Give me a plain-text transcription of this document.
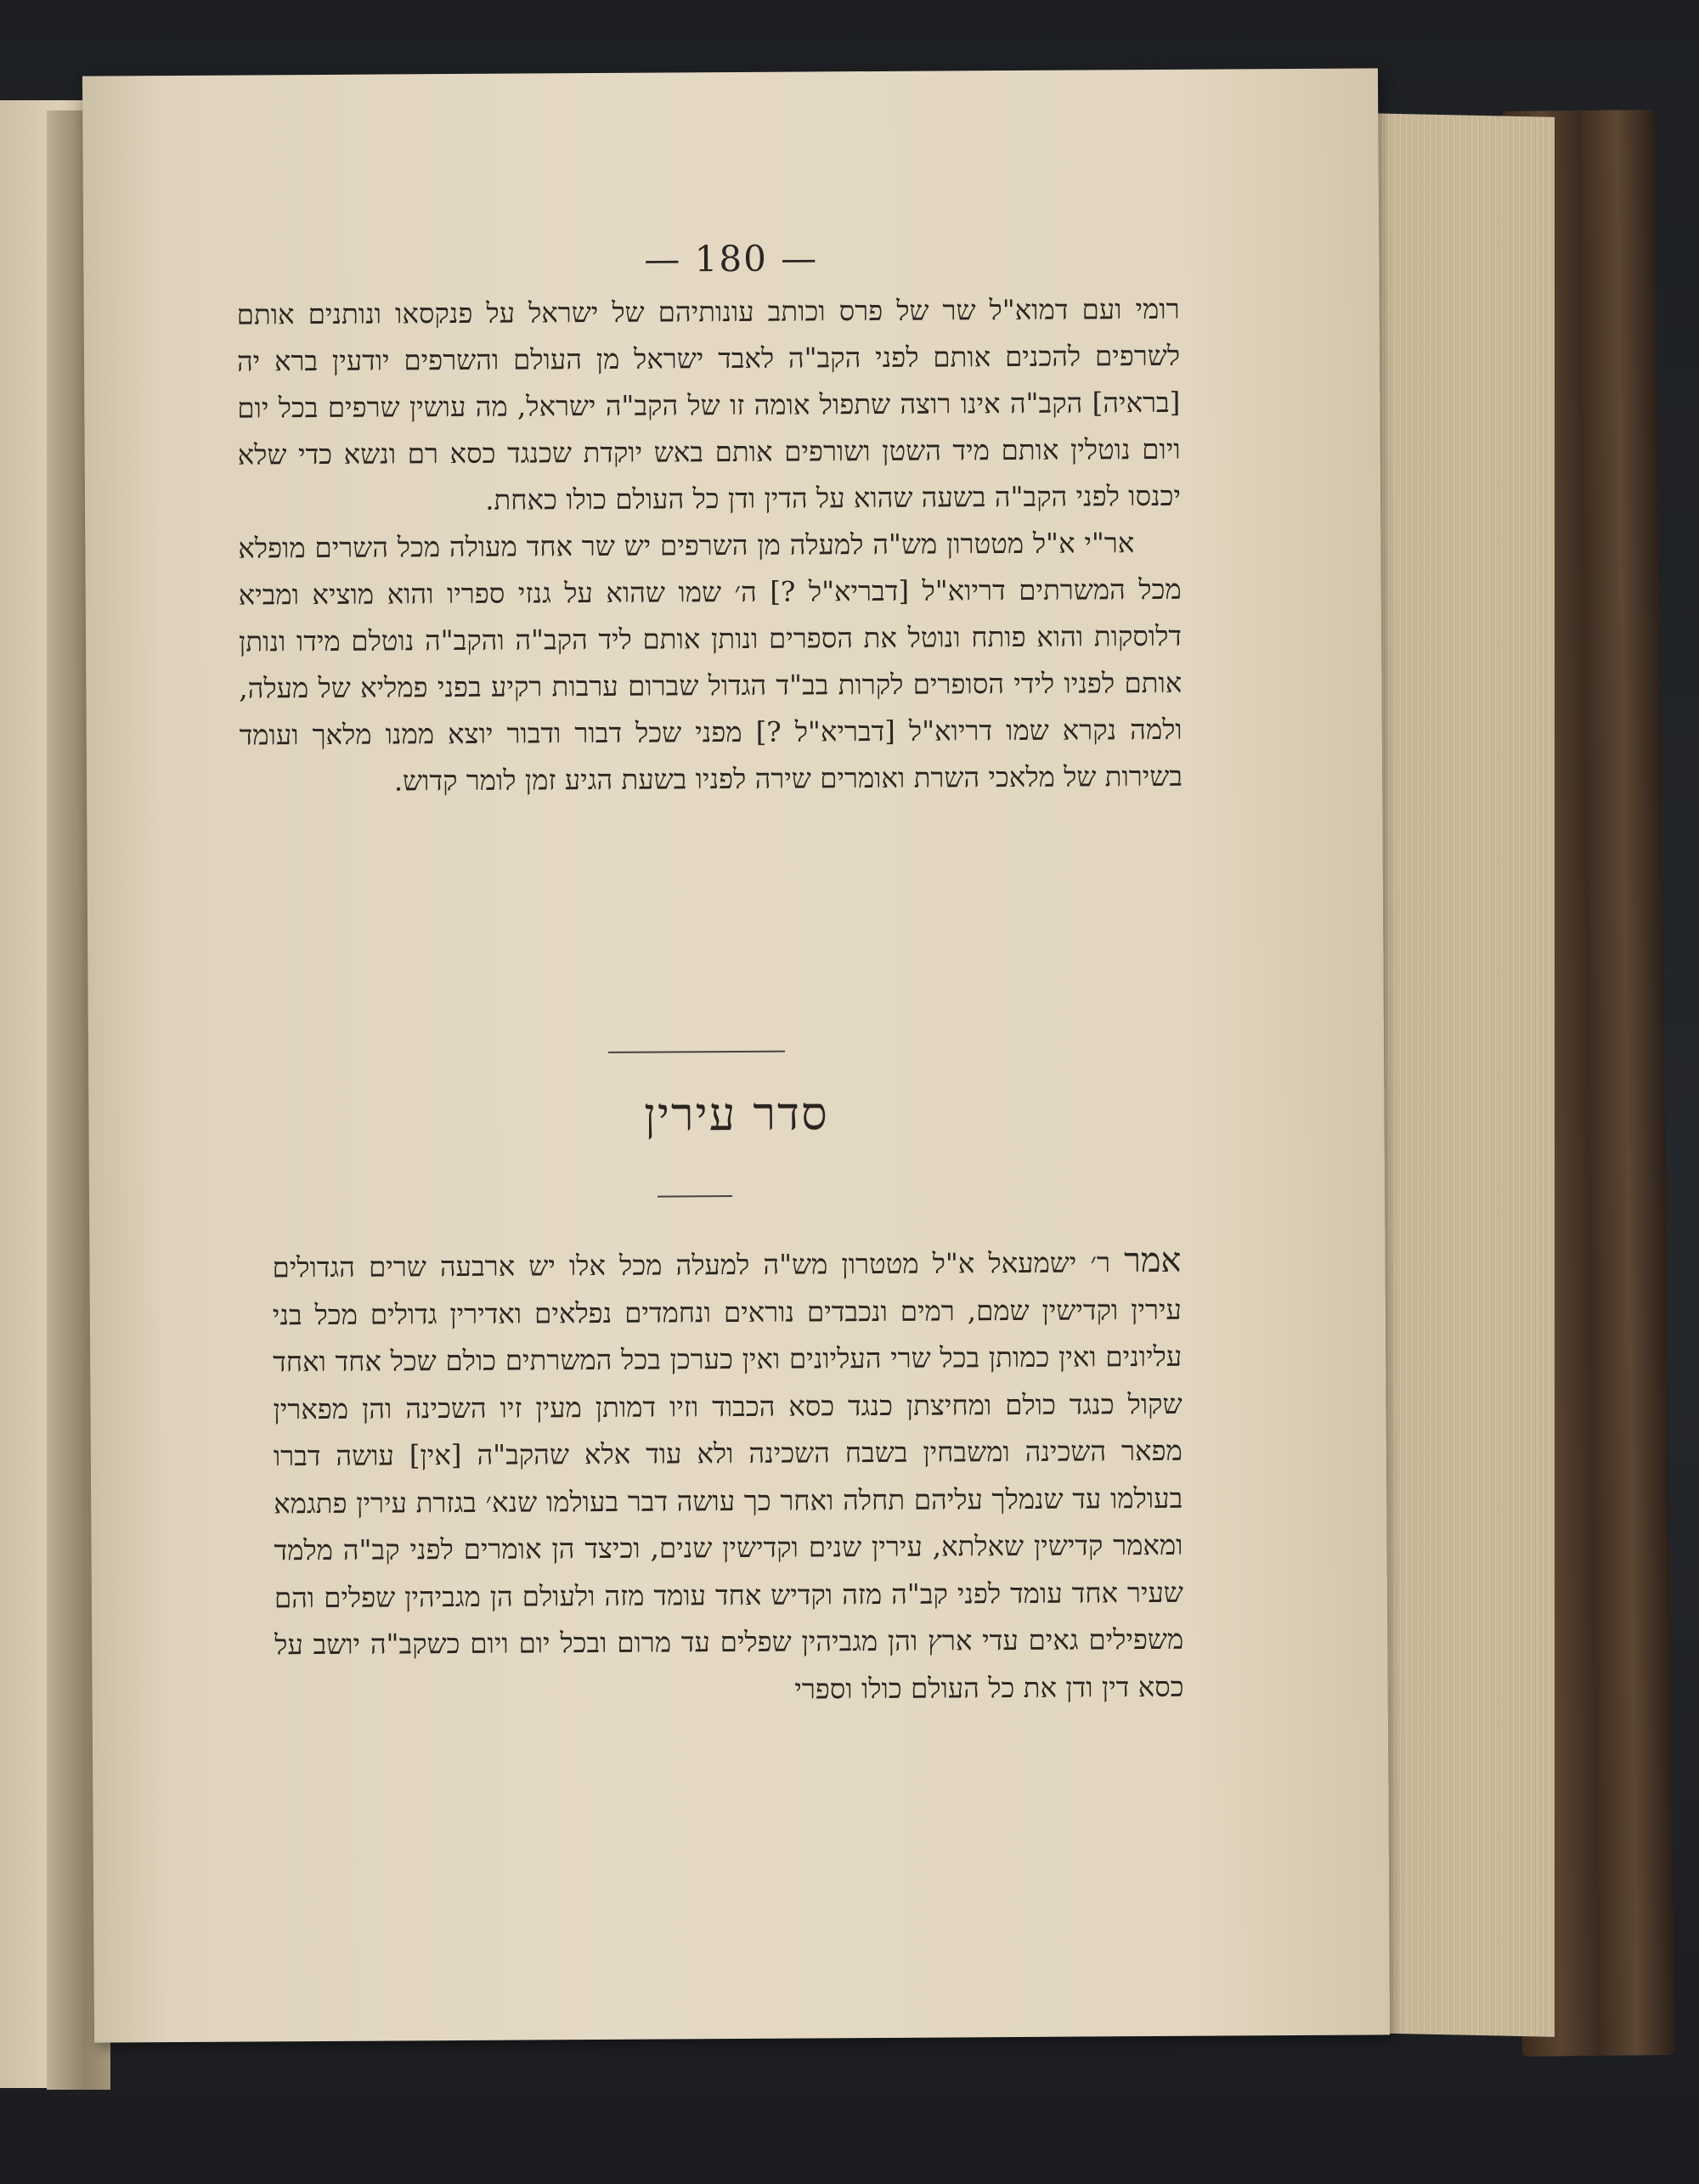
— 180 —

רומי ועם דמוא"ל שר של פרס וכותב עונותיהם של ישראל על פנקסאו ונותנים אותם לשרפים להכנים אותם לפני הקב"ה לאבד ישראל מן העולם והשרפים יודעין ברא יה [בראיה] הקב"ה אינו רוצה שתפול אומה זו של הקב"ה ישראל, מה עושין שרפים בכל יום ויום נוטלין אותם מיד השטן ושורפים אותם באש יוקדת שכנגד כסא רם ונשא כדי שלא יכנסו לפני הקב"ה בשעה שהוא על הדין ודן כל העולם כולו כאחת.

אר"י א"ל מטטרון מש"ה למעלה מן השרפים יש שר אחד מעולה מכל השרים מופלא מכל המשרתים דריוא"ל [דבריא"ל ?] ה׳ שמו שהוא על גנזי ספריו והוא מוציא ומביא דלוסקות והוא פותח ונוטל את הספרים ונותן אותם ליד הקב"ה והקב"ה נוטלם מידו ונותן אותם לפניו לידי הסופרים לקרות בב"ד הגדול שברום ערבות רקיע בפני פמליא של מעלה, ולמה נקרא שמו דריוא"ל [דבריא"ל ?] מפני שכל דבור ודבור יוצא ממנו מלאך ועומד בשירות של מלאכי השרת ואומרים שירה לפניו בשעת הגיע זמן לומר קדוש.

סדר עירין

אמר ר׳ ישמעאל א"ל מטטרון מש"ה למעלה מכל אלו יש ארבעה שרים הגדולים עירין וקדישין שמם, רמים ונכבדים נוראים ונחמדים נפלאים ואדירין גדולים מכל בני עליונים ואין כמותן בכל שרי העליונים ואין כערכן בכל המשרתים כולם שכל אחד ואחד שקול כנגד כולם ומחיצתן כנגד כסא הכבוד וזיו דמותן מעין זיו השכינה והן מפארין מפאר השכינה ומשבחין בשבח השכינה ולא עוד אלא שהקב"ה [אין] עושה דברו בעולמו עד שנמלך עליהם תחלה ואחר כך עושה דבר בעולמו שנא׳ בגזרת עירין פתגמא ומאמר קדישין שאלתא, עירין שנים וקדישין שנים, וכיצד הן אומרים לפני קב"ה מלמד שעיר אחד עומד לפני קב"ה מזה וקדיש אחד עומד מזה ולעולם הן מגביהין שפלים והם משפילים גאים עדי ארץ והן מגביהין שפלים עד מרום ובכל יום ויום כשקב"ה יושב על כסא דין ודן את כל העולם כולו וספרי
